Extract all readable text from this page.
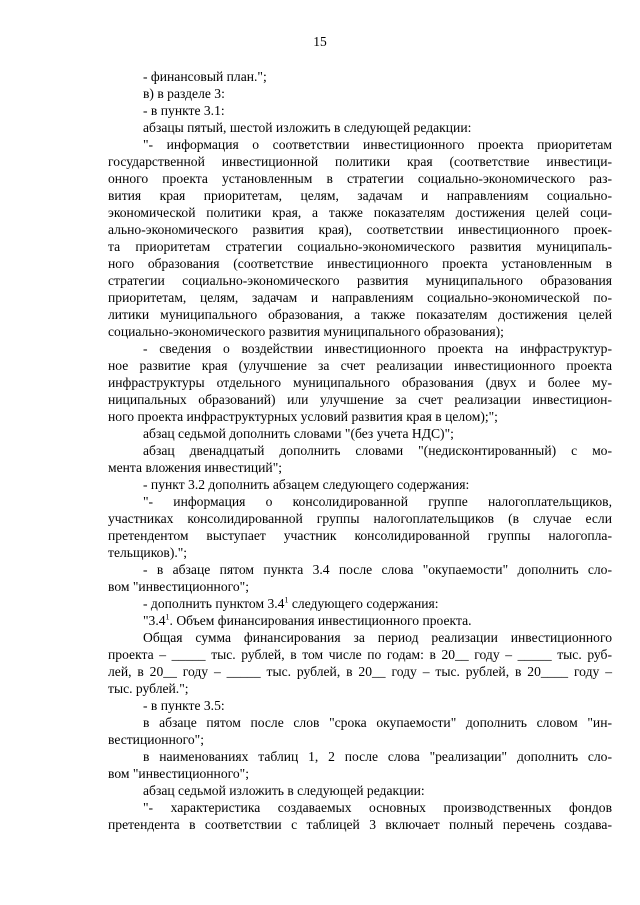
15
- финансовый план.";
в) в разделе 3:
- в пункте 3.1:
абзацы пятый, шестой изложить в следующей редакции:
"- информация о соответствии инвестиционного проекта приоритетам
государственной инвестиционной политики края (соответствие инвестици-
онного проекта установленным в стратегии социально-экономического раз-
вития края приоритетам, целям, задачам и направлениям социально-
экономической политики края, а также показателям достижения целей соци-
ально-экономического развития края), соответствии инвестиционного проек-
та приоритетам стратегии социально-экономического развития муниципаль-
ного образования (соответствие инвестиционного проекта установленным в
стратегии социально-экономического развития муниципального образования
приоритетам, целям, задачам и направлениям социально-экономической по-
литики муниципального образования, а также показателям достижения целей
социально-экономического развития муниципального образования);
- сведения о воздействии инвестиционного проекта на инфраструктур-
ное развитие края (улучшение за счет реализации инвестиционного проекта
инфраструктуры отдельного муниципального образования (двух и более му-
ниципальных образований) или улучшение за счет реализации инвестицион-
ного проекта инфраструктурных условий развития края в целом);";
абзац седьмой дополнить словами "(без учета НДС)";
абзац двенадцатый дополнить словами "(недисконтированный) с мо-
мента вложения инвестиций";
- пункт 3.2 дополнить абзацем следующего содержания:
"- информация о консолидированной группе налогоплательщиков,
участниках консолидированной группы налогоплательщиков (в случае если
претендентом выступает участник консолидированной группы налогопла-
тельщиков).";
- в абзаце пятом пункта 3.4 после слова "окупаемости" дополнить сло-
вом "инвестиционного";
- дополнить пунктом $3.4^1$ следующего содержания:
"$3.4^1$. Объем финансирования инвестиционного проекта.
Общая сумма финансирования за период реализации инвестиционного
проекта – _____ тыс. рублей, в том числе по годам: в 20__ году – _____ тыс. руб-
лей, в 20__ году – _____ тыс. рублей, в 20__ году – тыс. рублей, в 20____ году –
тыс. рублей.";
- в пункте 3.5:
в абзаце пятом после слов "срока окупаемости" дополнить словом "ин-
вестиционного";
в наименованиях таблиц 1, 2 после слова "реализации" дополнить сло-
вом "инвестиционного";
абзац седьмой изложить в следующей редакции:
"- характеристика создаваемых основных производственных фондов
претендента в соответствии с таблицей 3 включает полный перечень создава-
